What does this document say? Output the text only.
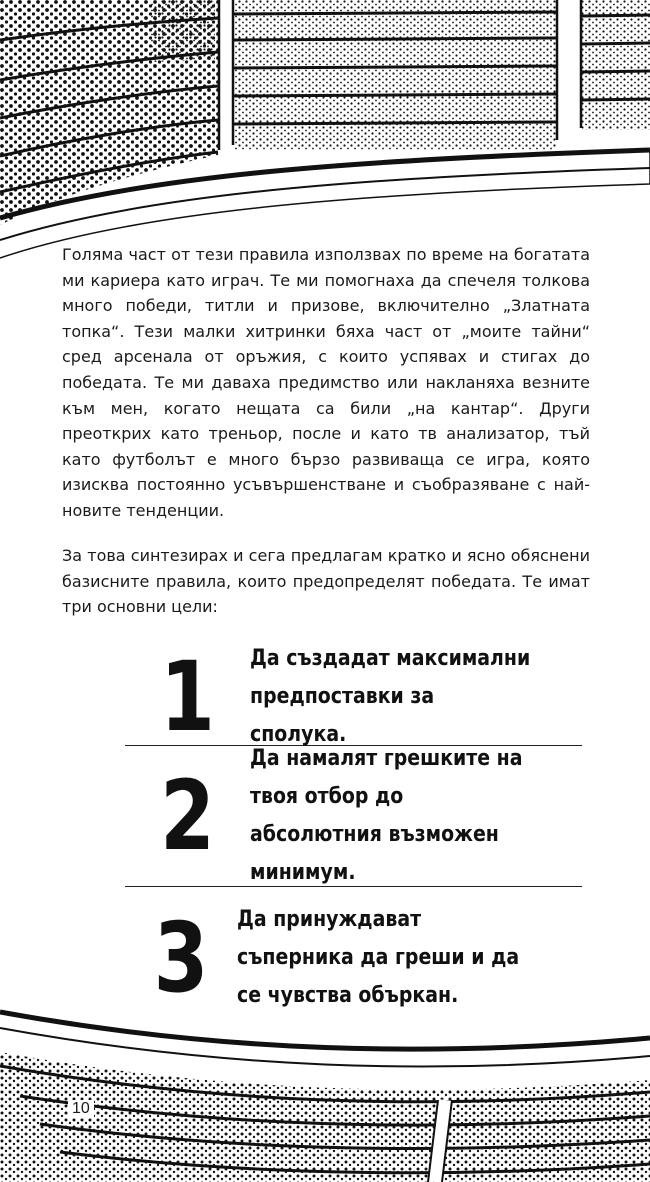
Голяма част от тези правила използвах по време на богатата ми кариера като играч. Те ми помогнаха да спечеля толкова много победи, титли и призове, включително „Златната топка“. Тези малки хитринки бяха част от „моите тайни“ сред арсенала от оръжия, с които успявах и стигах до победата. Те ми даваха предимство или накланяха везните към мен, когато нещата са били „на кантар“. Други преоткрих като треньор, после и като тв анализатор, тъй като футболът е много бързо развиваща се игра, която изисква постоянно усъвършенстване и съобразяване с най-новите тенденции.

За това синтезирах и сега предлагам кратко и ясно обяснени базисните правила, които предопределят победата. Те имат три основни цели:

1	Да създадат максимални предпоставки за сполука.
2
Да намалят грешките на твоя отбор до абсолютния възможен минимум.
3	Да принуждават съперника да греши и да се чувства объркан.
10
